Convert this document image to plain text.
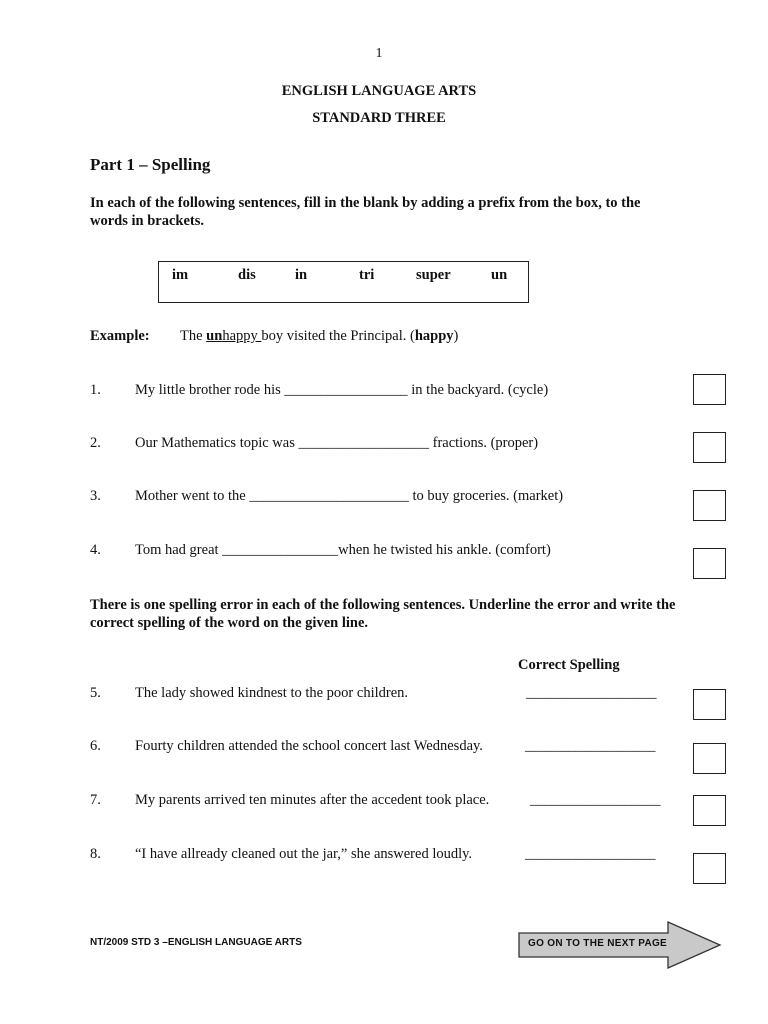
1
ENGLISH LANGUAGE ARTS
STANDARD THREE
Part 1 – Spelling
In each of the following sentences, fill in the blank by adding a prefix from the box, to the words in brackets.
im	dis	in	tri	super	un
Example: The unhappy boy visited the Principal. (happy)
1. My little brother rode his _________________ in the backyard. (cycle)
2. Our Mathematics topic was __________________ fractions. (proper)
3. Mother went to the ______________________ to buy groceries. (market)
4. Tom had great ________________when he twisted his ankle. (comfort)
There is one spelling error in each of the following sentences. Underline the error and write the correct spelling of the word on the given line.
Correct Spelling
5. The lady showed kindnest to the poor children.	__________________
6. Fourty children attended the school concert last Wednesday.	__________________
7. My parents arrived ten minutes after the accedent took place.	__________________
8. “I have allready cleaned out the jar,” she answered loudly.	__________________
NT/2009 STD 3 –ENGLISH LANGUAGE ARTS	GO ON TO THE NEXT PAGE
